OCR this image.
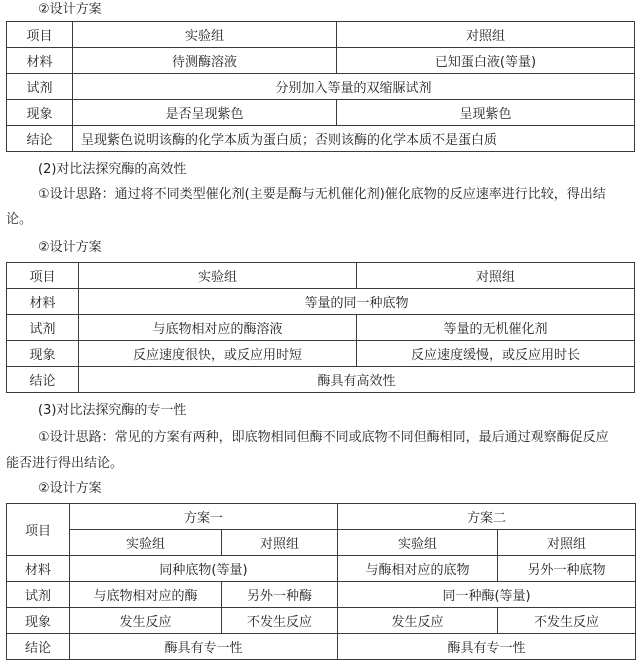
②设计方案
项目	实验组	对照组
材料	待测酶溶液	已知蛋白液(等量)
试剂	分别加入等量的双缩脲试剂	
现象	是否呈现紫色	呈现紫色
结论	呈现紫色说明该酶的化学本质为蛋白质；否则该酶的化学本质不是蛋白质	
(2)对比法探究酶的高效性
①设计思路：通过将不同类型催化剂(主要是酶与无机催化剂)催化底物的反应速率进行比较，得出结
论。
②设计方案
项目	实验组	对照组
材料	等量的同一种底物	
试剂	与底物相对应的酶溶液	等量的无机催化剂
现象	反应速度很快，或反应用时短	反应速度缓慢，或反应用时长
结论	酶具有高效性	
(3)对比法探究酶的专一性
①设计思路：常见的方案有两种，即底物相同但酶不同或底物不同但酶相同，最后通过观察酶促反应
能否进行得出结论。
②设计方案
项目	方案一		方案二	
	实验组	对照组	实验组	对照组
材料	同种底物(等量)		与酶相对应的底物	另外一种底物
试剂	与底物相对应的酶	另外一种酶	同一种酶(等量)	
现象	发生反应	不发生反应	发生反应	不发生反应
结论	酶具有专一性		酶具有专一性	
